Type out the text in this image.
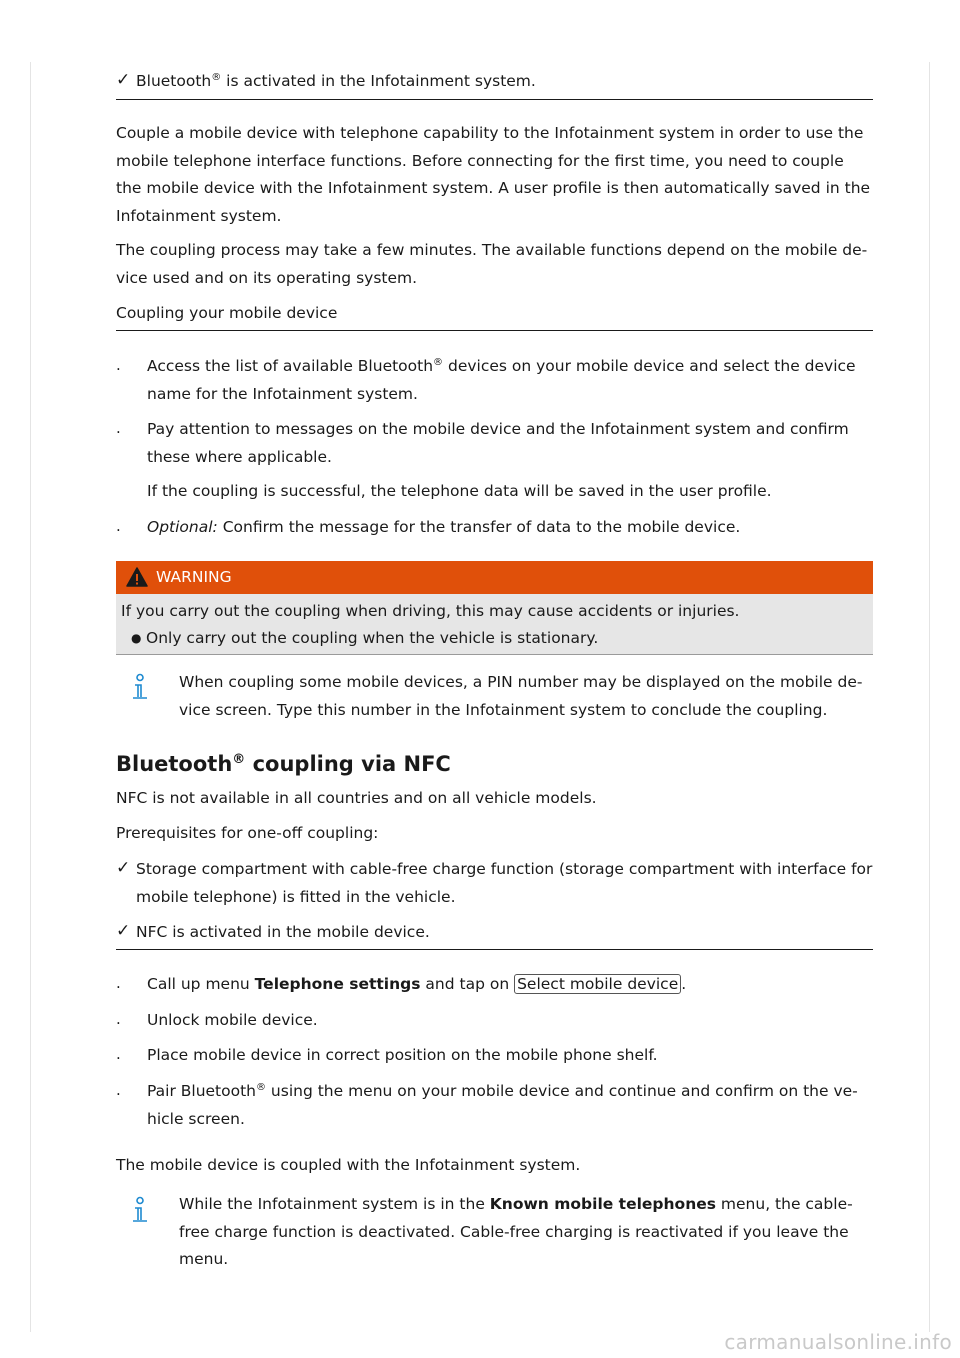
✓ Bluetooth® is activated in the Infotainment system.

Couple a mobile device with telephone capability to the Infotainment system in order to use the mobile telephone interface functions. Before connecting for the first time, you need to couple the mobile device with the Infotainment system. A user profile is then automatically saved in the Infotainment system.

The coupling process may take a few minutes. The available functions depend on the mobile de-vice used and on its operating system.

Coupling your mobile device

. Access the list of available Bluetooth® devices on your mobile device and select the device name for the Infotainment system.
. Pay attention to messages on the mobile device and the Infotainment system and confirm these where applicable.
If the coupling is successful, the telephone data will be saved in the user profile.
. Optional: Confirm the message for the transfer of data to the mobile device.
WARNING
If you carry out the coupling when driving, this may cause accidents or injuries.
● Only carry out the coupling when the vehicle is stationary.

When coupling some mobile devices, a PIN number may be displayed on the mobile de-vice screen. Type this number in the Infotainment system to conclude the coupling.

Bluetooth® coupling via NFC

NFC is not available in all countries and on all vehicle models.

Prerequisites for one-off coupling:

✓ Storage compartment with cable-free charge function (storage compartment with interface for mobile telephone) is fitted in the vehicle.

✓ NFC is activated in the mobile device.

. Call up menu Telephone settings and tap on Select mobile device .
. Unlock mobile device.
. Place mobile device in correct position on the mobile phone shelf.
. Pair Bluetooth® using the menu on your mobile device and continue and confirm on the ve-hicle screen.

The mobile device is coupled with the Infotainment system.

While the Infotainment system is in the Known mobile telephones menu, the cable-free charge function is deactivated. Cable-free charging is reactivated if you leave the menu.

carmanualsonline.info
